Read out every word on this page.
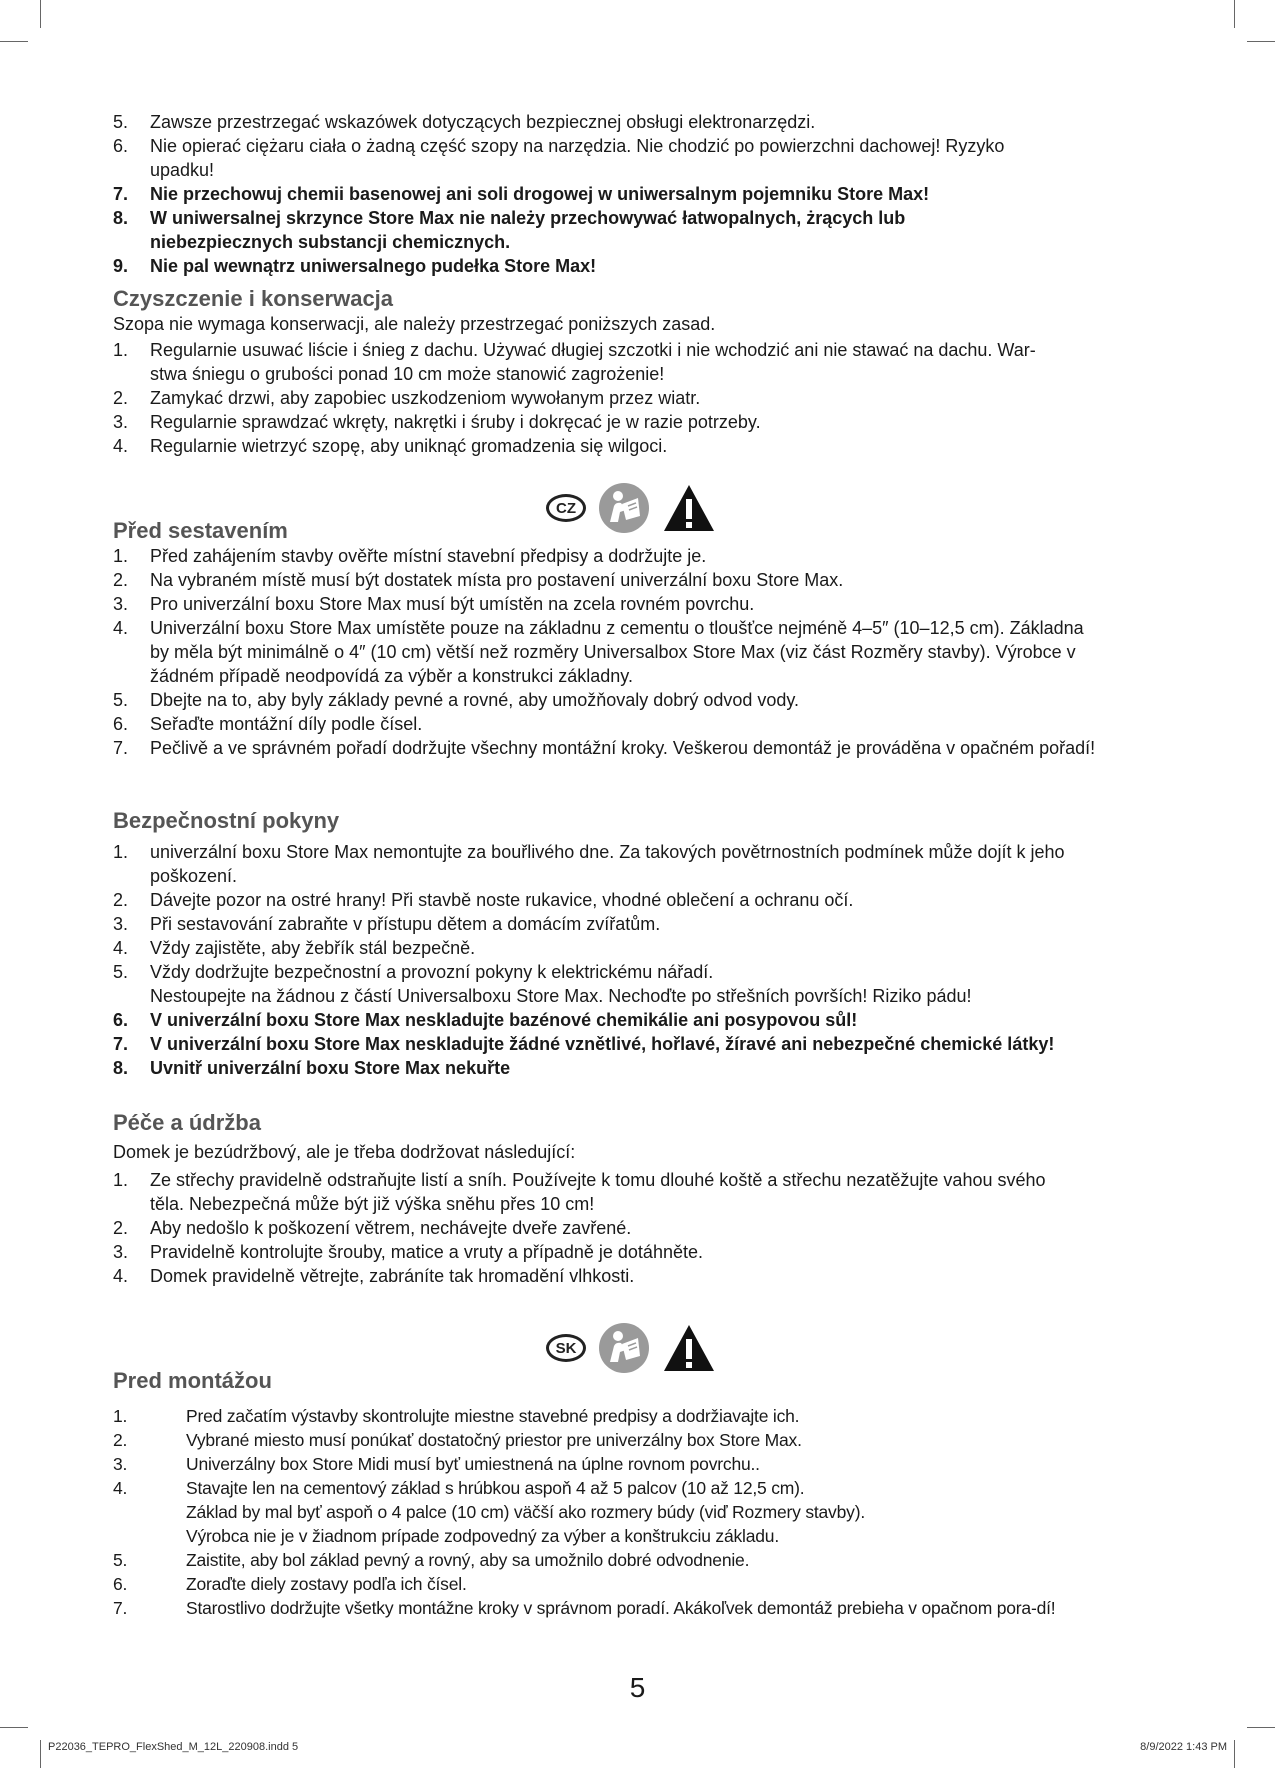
5. Zawsze przestrzegać wskazówek dotyczących bezpiecznej obsługi elektronarzędzi.
6. Nie opierać ciężaru ciała o żadną część szopy na narzędzia. Nie chodzić po powierzchni dachowej! Ryzyko
upadku!
7. Nie przechowuj chemii basenowej ani soli drogowej w uniwersalnym pojemniku Store Max!
8. W uniwersalnej skrzynce Store Max nie należy przechowywać łatwopalnych, żrących lub
niebezpiecznych substancji chemicznych.
9. Nie pal wewnątrz uniwersalnego pudełka Store Max!
Czyszczenie i konserwacja

Szopa nie wymaga konserwacji, ale należy przestrzegać poniższych zasad.

1. Regularnie usuwać liście i śnieg z dachu. Używać długiej szczotki i nie wchodzić ani nie stawać na dachu. War-
stwa śniegu o grubości ponad 10 cm może stanowić zagrożenie!
2. Zamykać drzwi, aby zapobiec uszkodzeniom wywołanym przez wiatr.
3. Regularnie sprawdzać wkręty, nakrętki i śruby i dokręcać je w razie potrzeby.
4. Regularnie wietrzyć szopę, aby uniknąć gromadzenia się wilgoci.
CZ
Před sestavením
1. Před zahájením stavby ověřte místní stavební předpisy a dodržujte je.
2. Na vybraném místě musí být dostatek místa pro postavení univerzální boxu Store Max.
3. Pro univerzální boxu Store Max musí být umístěn na zcela rovném povrchu.
4. Univerzální boxu Store Max umístěte pouze na základnu z cementu o tloušťce nejméně 4–5″ (10–12,5 cm). Základna
by měla být minimálně o 4″ (10 cm) větší než rozměry Universalbox Store Max (viz část Rozměry stavby). Výrobce v
žádném případě neodpovídá za výběr a konstrukci základny.
5. Dbejte na to, aby byly základy pevné a rovné, aby umožňovaly dobrý odvod vody.
6. Seřaďte montážní díly podle čísel.
7. Pečlivě a ve správném pořadí dodržujte všechny montážní kroky. Veškerou demontáž je prováděna v opačném pořadí!
Bezpečnostní pokyny
1. univerzální boxu Store Max nemontujte za bouřlivého dne. Za takových povětrnostních podmínek může dojít k jeho
poškození.
2. Dávejte pozor na ostré hrany! Při stavbě noste rukavice, vhodné oblečení a ochranu očí.
3. Při sestavování zabraňte v přístupu dětem a domácím zvířatům.
4. Vždy zajistěte, aby žebřík stál bezpečně.
5. Vždy dodržujte bezpečnostní a provozní pokyny k elektrickému nářadí.
Nestoupejte na žádnou z částí Universalboxu Store Max. Nechoďte po střešních površích! Riziko pádu!
6. V univerzální boxu Store Max neskladujte bazénové chemikálie ani posypovou sůl!
7. V univerzální boxu Store Max neskladujte žádné vznětlivé, hořlavé, žíravé ani nebezpečné chemické látky!
8. Uvnitř univerzální boxu Store Max nekuřte
Péče a údržba

Domek je bezúdržbový, ale je třeba dodržovat následující:

1. Ze střechy pravidelně odstraňujte listí a sníh. Používejte k tomu dlouhé koště a střechu nezatěžujte vahou svého
těla. Nebezpečná může být již výška sněhu přes 10 cm!
2. Aby nedošlo k poškození větrem, nechávejte dveře zavřené.
3. Pravidelně kontrolujte šrouby, matice a vruty a případně je dotáhněte.
4. Domek pravidelně větrejte, zabráníte tak hromadění vlhkosti.
SK
Pred montážou
1.	Pred začatím výstavby skontrolujte miestne stavebné predpisy a dodržiavajte ich.
2.	Vybrané miesto musí ponúkať dostatočný priestor pre univerzálny box Store Max.
3.	Univerzálny box Store Midi musí byť umiestnená na úplne rovnom povrchu..
4.	Stavajte len na cementový základ s hrúbkou aspoň 4 až 5 palcov (10 až 12,5 cm).
Základ by mal byť aspoň o 4 palce (10 cm) väčší ako rozmery búdy (viď Rozmery stavby).
Výrobca nie je v žiadnom prípade zodpovedný za výber a konštrukciu základu.
5.	Zaistite, aby bol základ pevný a rovný, aby sa umožnilo dobré odvodnenie.
6.	Zoraďte diely zostavy podľa ich čísel.
7.	Starostlivo dodržujte všetky montážne kroky v správnom poradí. Akákoľvek demontáž prebieha v opačnom pora-dí!
5
P22036_TEPRO_FlexShed_M_12L_220908.indd 5	8/9/2022 1:43 PM
